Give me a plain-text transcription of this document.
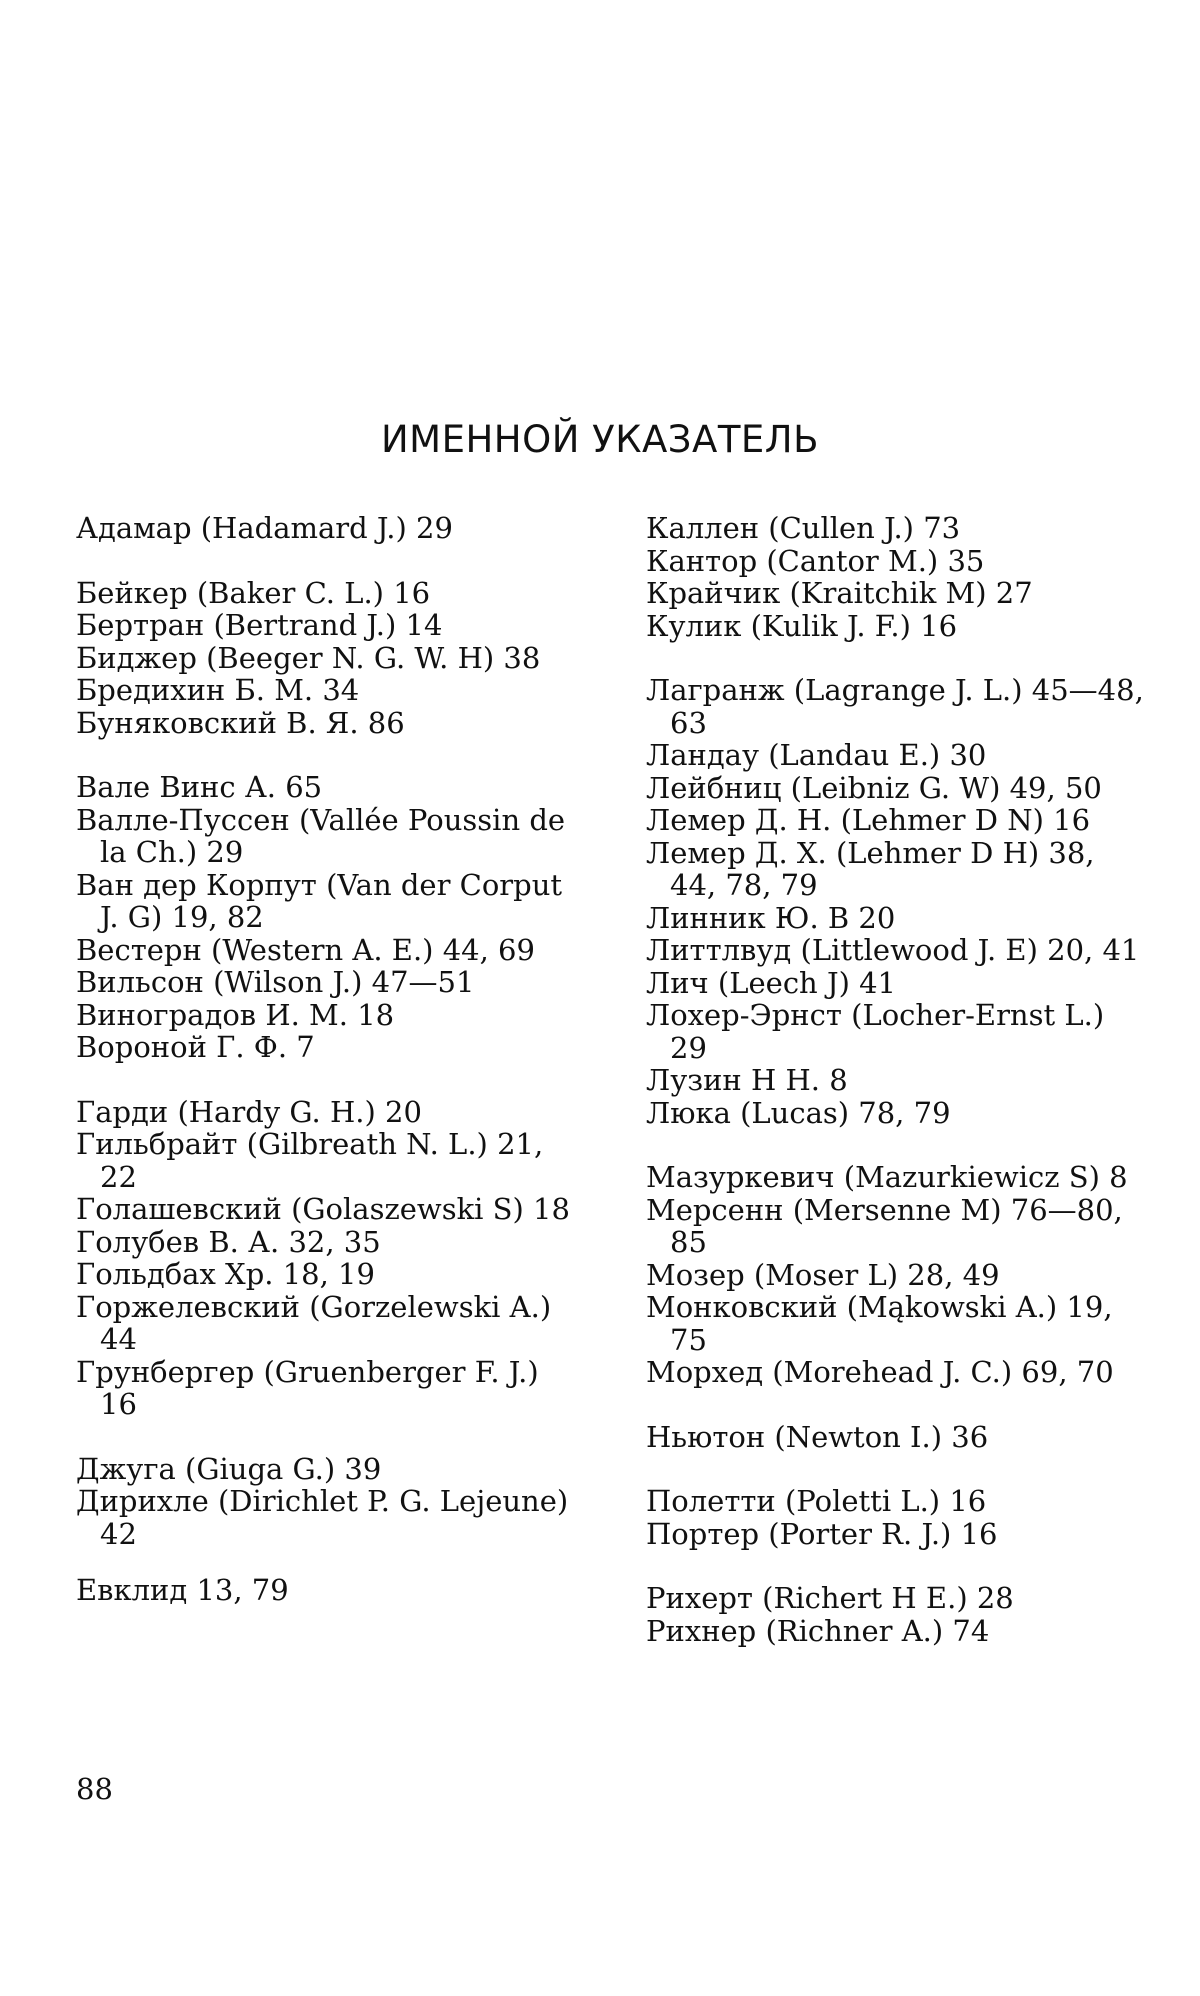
ИМЕННОЙ УКАЗАТЕЛЬ
Адамар (Hadamard J.) 29
Бейкер (Baker C. L.) 16
Бертран (Bertrand J.) 14
Биджер (Beeger N. G. W. H) 38
Бредихин Б. М. 34
Буняковский В. Я. 86
Вале Винс А. 65
Валле-Пуссен (Vallée Poussin de la Ch.) 29
Ван дер Корпут (Van der Corput J. G) 19, 82
Вестерн (Western A. E.) 44, 69
Вильсон (Wilson J.) 47—51
Виноградов И. М. 18
Вороной Г. Ф. 7
Гарди (Hardy G. H.) 20
Гильбрайт (Gilbreath N. L.) 21, 22
Голашевский (Golaszewski S) 18
Голубев В. А. 32, 35
Гольдбах Хр. 18, 19
Горжелевский (Gorzelewski A.) 44
Грунбергер (Gruenberger F. J.) 16
Джуга (Giuga G.) 39
Дирихле (Dirichlet P. G. Lejeune) 42
Евклид 13, 79
Каллен (Cullen J.) 73
Кантор (Cantor M.) 35
Крайчик (Kraitchik M) 27
Кулик (Kulik J. F.) 16
Лагранж (Lagrange J. L.) 45—48, 63
Ландау (Landau E.) 30
Лейбниц (Leibniz G. W) 49, 50
Лемер Д. Н. (Lehmer D N) 16
Лемер Д. Х. (Lehmer D H) 38, 44, 78, 79
Линник Ю. В 20
Литтлвуд (Littlewood J. E) 20, 41
Лич (Leech J) 41
Лохер-Эрнст (Locher-Ernst L.) 29
Лузин Н Н. 8
Люка (Lucas) 78, 79
Мазуркевич (Mazurkiewicz S) 8
Мерсенн (Mersenne M) 76—80, 85
Мозер (Moser L) 28, 49
Монковский (Mąkowski A.) 19, 75
Морхед (Morehead J. C.) 69, 70
Ньютон (Newton I.) 36
Полетти (Poletti L.) 16
Портер (Porter R. J.) 16
Рихерт (Richert H E.) 28
Рихнер (Richner A.) 74
88
